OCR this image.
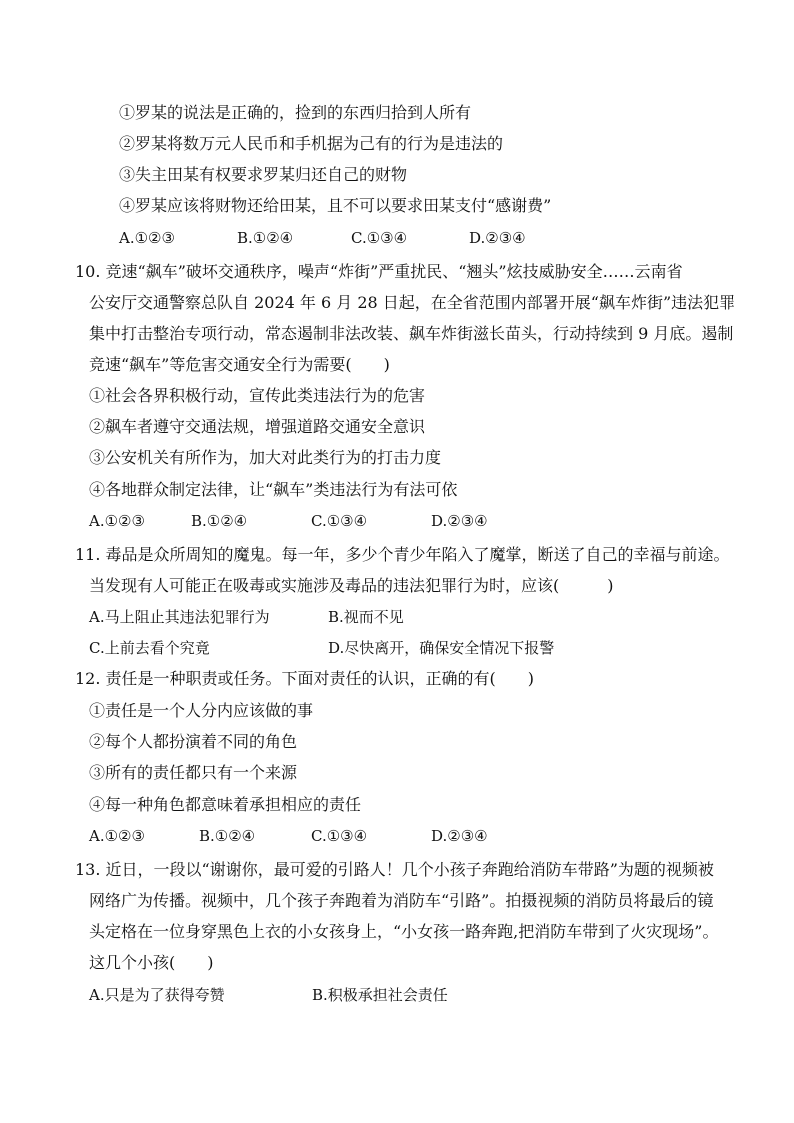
①罗某的说法是正确的，捡到的东西归拾到人所有
②罗某将数万元人民币和手机据为己有的行为是违法的
③失主田某有权要求罗某归还自己的财物
④罗某应该将财物还给田某，且不可以要求田某支付“感谢费”
A.①②③	B.①②④	C.①③④	D.②③④
10. 竞速“飙车”破坏交通秩序，噪声“炸街”严重扰民、“翘头”炫技威胁安全……云南省
公安厅交通警察总队自 2024 年 6 月 28 日起，在全省范围内部署开展“飙车炸街”违法犯罪
集中打击整治专项行动，常态遏制非法改装、飙车炸街滋长苗头，行动持续到 9 月底。遏制
竞速“飙车”等危害交通安全行为需要(　　)
①社会各界积极行动，宣传此类违法行为的危害
②飙车者遵守交通法规，增强道路交通安全意识
③公安机关有所作为，加大对此类行为的打击力度
④各地群众制定法律，让“飙车”类违法行为有法可依
A.①②③	B.①②④	C.①③④	D.②③④
11. 毒品是众所周知的魔鬼。每一年，多少个青少年陷入了魔掌，断送了自己的幸福与前途。
当发现有人可能正在吸毒或实施涉及毒品的违法犯罪行为时，应该(　　　)
A.马上阻止其违法犯罪行为	B.视而不见
C.上前去看个究竟	D.尽快离开，确保安全情况下报警
12. 责任是一种职责或任务。下面对责任的认识，正确的有(　　)
①责任是一个人分内应该做的事
②每个人都扮演着不同的角色
③所有的责任都只有一个来源
④每一种角色都意味着承担相应的责任
A.①②③	B.①②④	C.①③④	D.②③④
13. 近日，一段以“谢谢你，最可爱的引路人！几个小孩子奔跑给消防车带路”为题的视频被
网络广为传播。视频中，几个孩子奔跑着为消防车“引路”。拍摄视频的消防员将最后的镜
头定格在一位身穿黑色上衣的小女孩身上，“小女孩一路奔跑,把消防车带到了火灾现场”。
这几个小孩(　　)
A.只是为了获得夸赞	B.积极承担社会责任
